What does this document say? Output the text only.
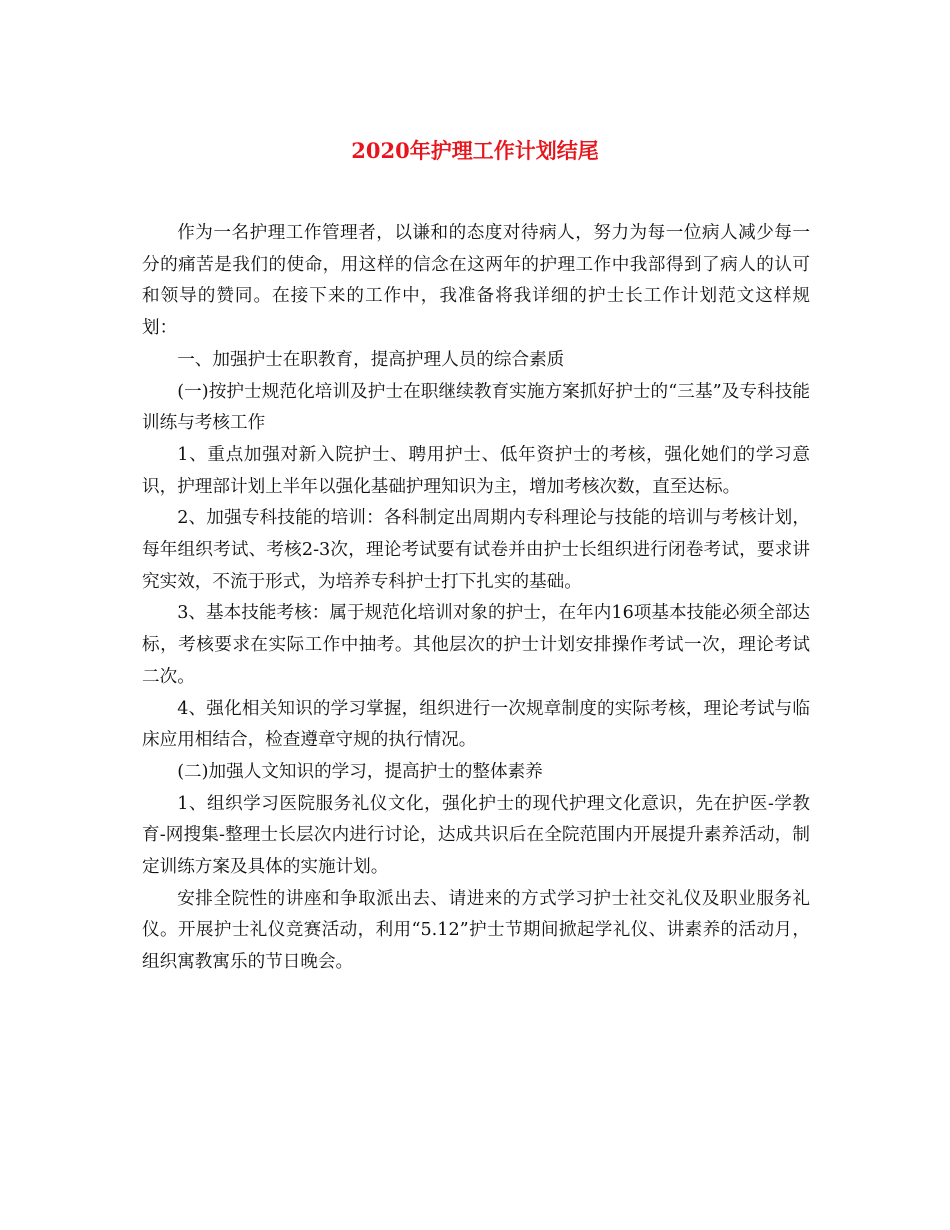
2020年护理工作计划结尾

作为一名护理工作管理者，以谦和的态度对待病人，努力为每一位病人减少每一分的痛苦是我们的使命，用这样的信念在这两年的护理工作中我部得到了病人的认可和领导的赞同。在接下来的工作中，我准备将我详细的护士长工作计划范文这样规划：

一、加强护士在职教育，提高护理人员的综合素质

(一)按护士规范化培训及护士在职继续教育实施方案抓好护士的“三基”及专科技能训练与考核工作

1、重点加强对新入院护士、聘用护士、低年资护士的考核，强化她们的学习意识，护理部计划上半年以强化基础护理知识为主，增加考核次数，直至达标。

2、加强专科技能的培训：各科制定出周期内专科理论与技能的培训与考核计划，每年组织考试、考核2-3次，理论考试要有试卷并由护士长组织进行闭卷考试，要求讲究实效，不流于形式，为培养专科护士打下扎实的基础。

3、基本技能考核：属于规范化培训对象的护士，在年内16项基本技能必须全部达标，考核要求在实际工作中抽考。其他层次的护士计划安排操作考试一次，理论考试二次。

4、强化相关知识的学习掌握，组织进行一次规章制度的实际考核，理论考试与临床应用相结合，检查遵章守规的执行情况。

(二)加强人文知识的学习，提高护士的整体素养

1、组织学习医院服务礼仪文化，强化护士的现代护理文化意识，先在护医-学教育-网搜集-整理士长层次内进行讨论，达成共识后在全院范围内开展提升素养活动，制定训练方案及具体的实施计划。

安排全院性的讲座和争取派出去、请进来的方式学习护士社交礼仪及职业服务礼仪。开展护士礼仪竞赛活动，利用“5.12”护士节期间掀起学礼仪、讲素养的活动月，组织寓教寓乐的节日晚会。
